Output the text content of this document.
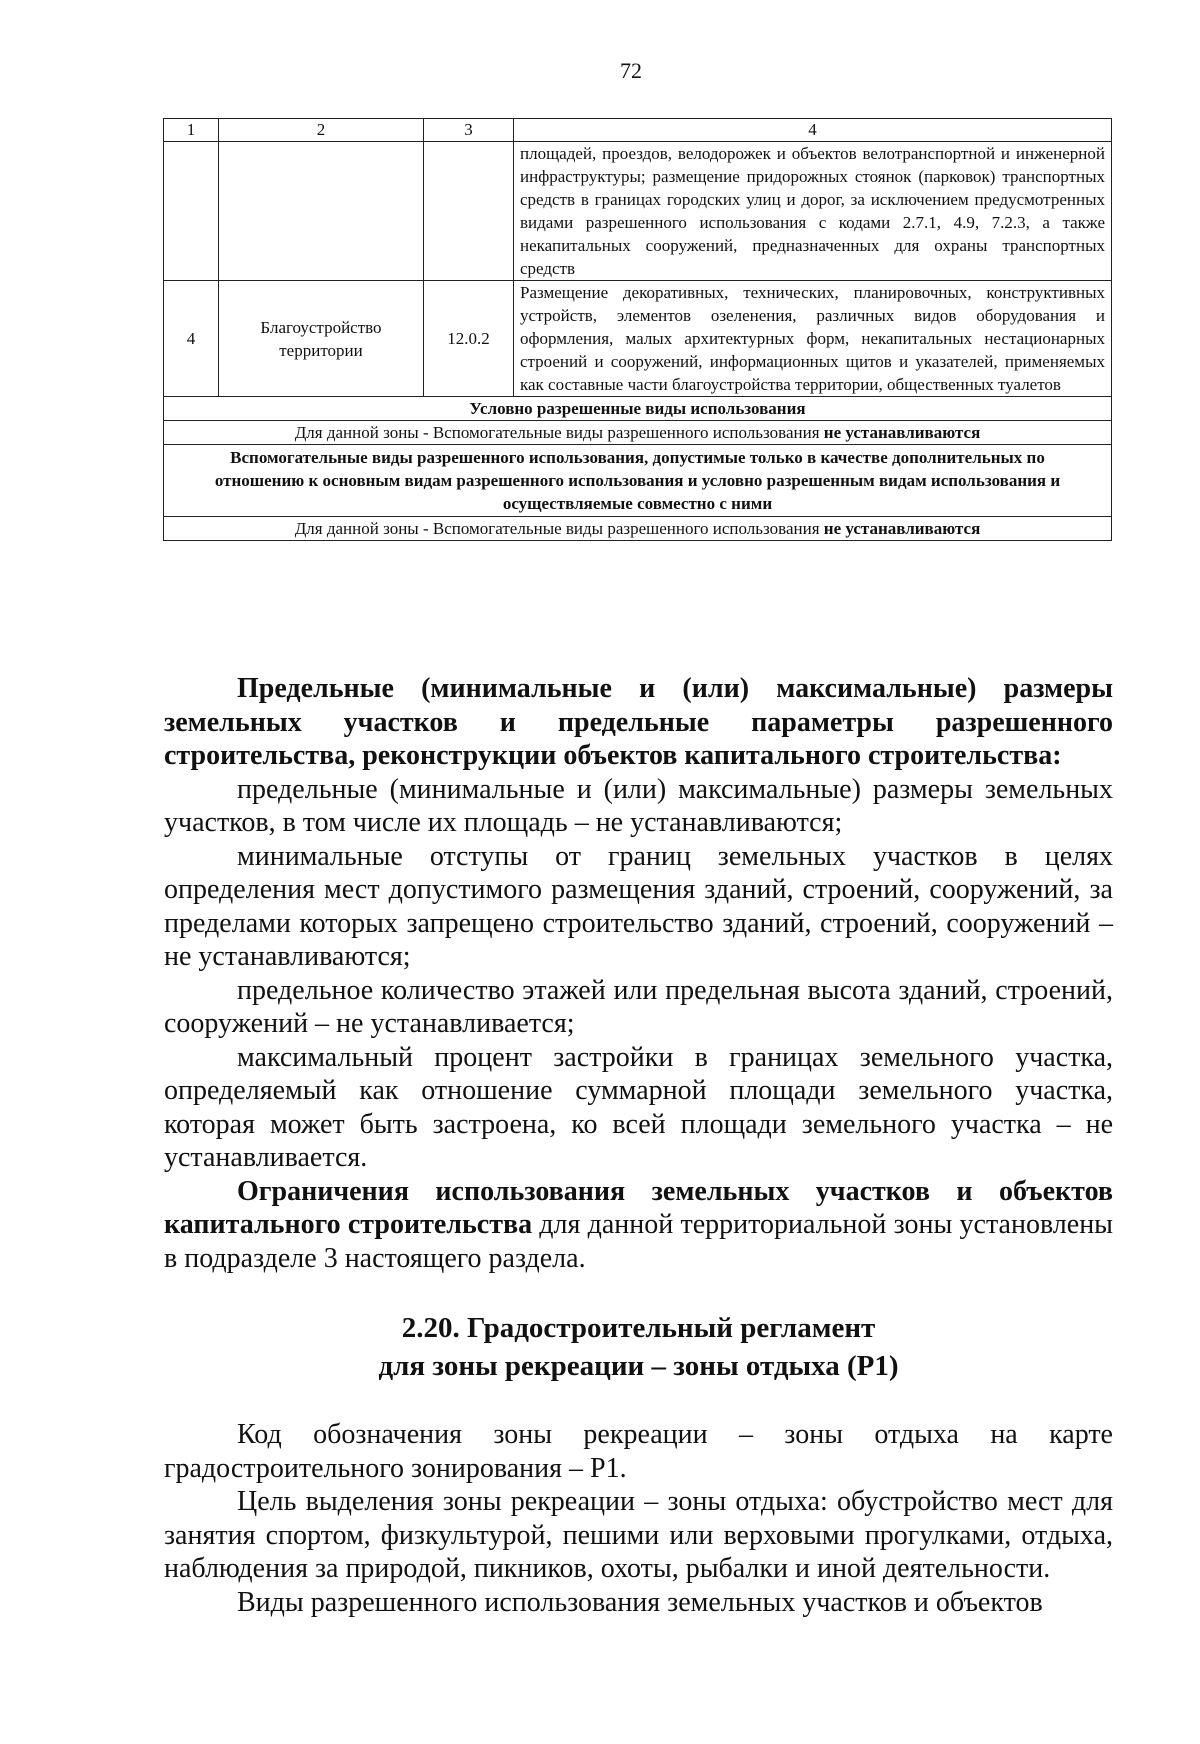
72
1	2	3	4
			площадей, проездов, велодорожек и объектов велотранспортной и инженерной инфраструктуры; размещение придорожных стоянок (парковок) транспортных средств в границах городских улиц и дорог, за исключением предусмотренных видами разрешенного использования с кодами 2.7.1, 4.9, 7.2.3, а также некапитальных сооружений, предназначенных для охраны транспортных средств
4	Благоустройство территории	12.0.2	Размещение декоративных, технических, планировочных, конструктивных устройств, элементов озеленения, различных видов оборудования и оформления, малых архитектурных форм, некапитальных нестационарных строений и сооружений, информационных щитов и указателей, применяемых как составные части благоустройства территории, общественных туалетов
Условно разрешенные виды использования			
Для данной зоны - Вспомогательные виды разрешенного использования не устанавливаются			
Вспомогательные виды разрешенного использования, допустимые только в качестве дополнительных по отношению к основным видам разрешенного использования и условно разрешенным видам использования и осуществляемые совместно с ними			
Для данной зоны - Вспомогательные виды разрешенного использования не устанавливаются			

Предельные (минимальные и (или) максимальные) размеры земельных участков и предельные параметры разрешенного строительства, реконструкции объектов капитального строительства:

предельные (минимальные и (или) максимальные) размеры земельных участков, в том числе их площадь – не устанавливаются;

минимальные отступы от границ земельных участков в целях определения мест допустимого размещения зданий, строений, сооружений, за пределами которых запрещено строительство зданий, строений, сооружений – не устанавливаются;

предельное количество этажей или предельная высота зданий, строений, сооружений – не устанавливается;

максимальный процент застройки в границах земельного участка, определяемый как отношение суммарной площади земельного участка, которая может быть застроена, ко всей площади земельного участка – не устанавливается.

Ограничения использования земельных участков и объектов капитального строительства для данной территориальной зоны установлены в подразделе 3 настоящего раздела.

2.20. Градостроительный регламент
для зоны рекреации – зоны отдыха (Р1)

Код обозначения зоны рекреации – зоны отдыха на карте градостроительного зонирования – Р1.

Цель выделения зоны рекреации – зоны отдыха: обустройство мест для занятия спортом, физкультурой, пешими или верховыми прогулками, отдыха, наблюдения за природой, пикников, охоты, рыбалки и иной деятельности.

Виды разрешенного использования земельных участков и объектов
